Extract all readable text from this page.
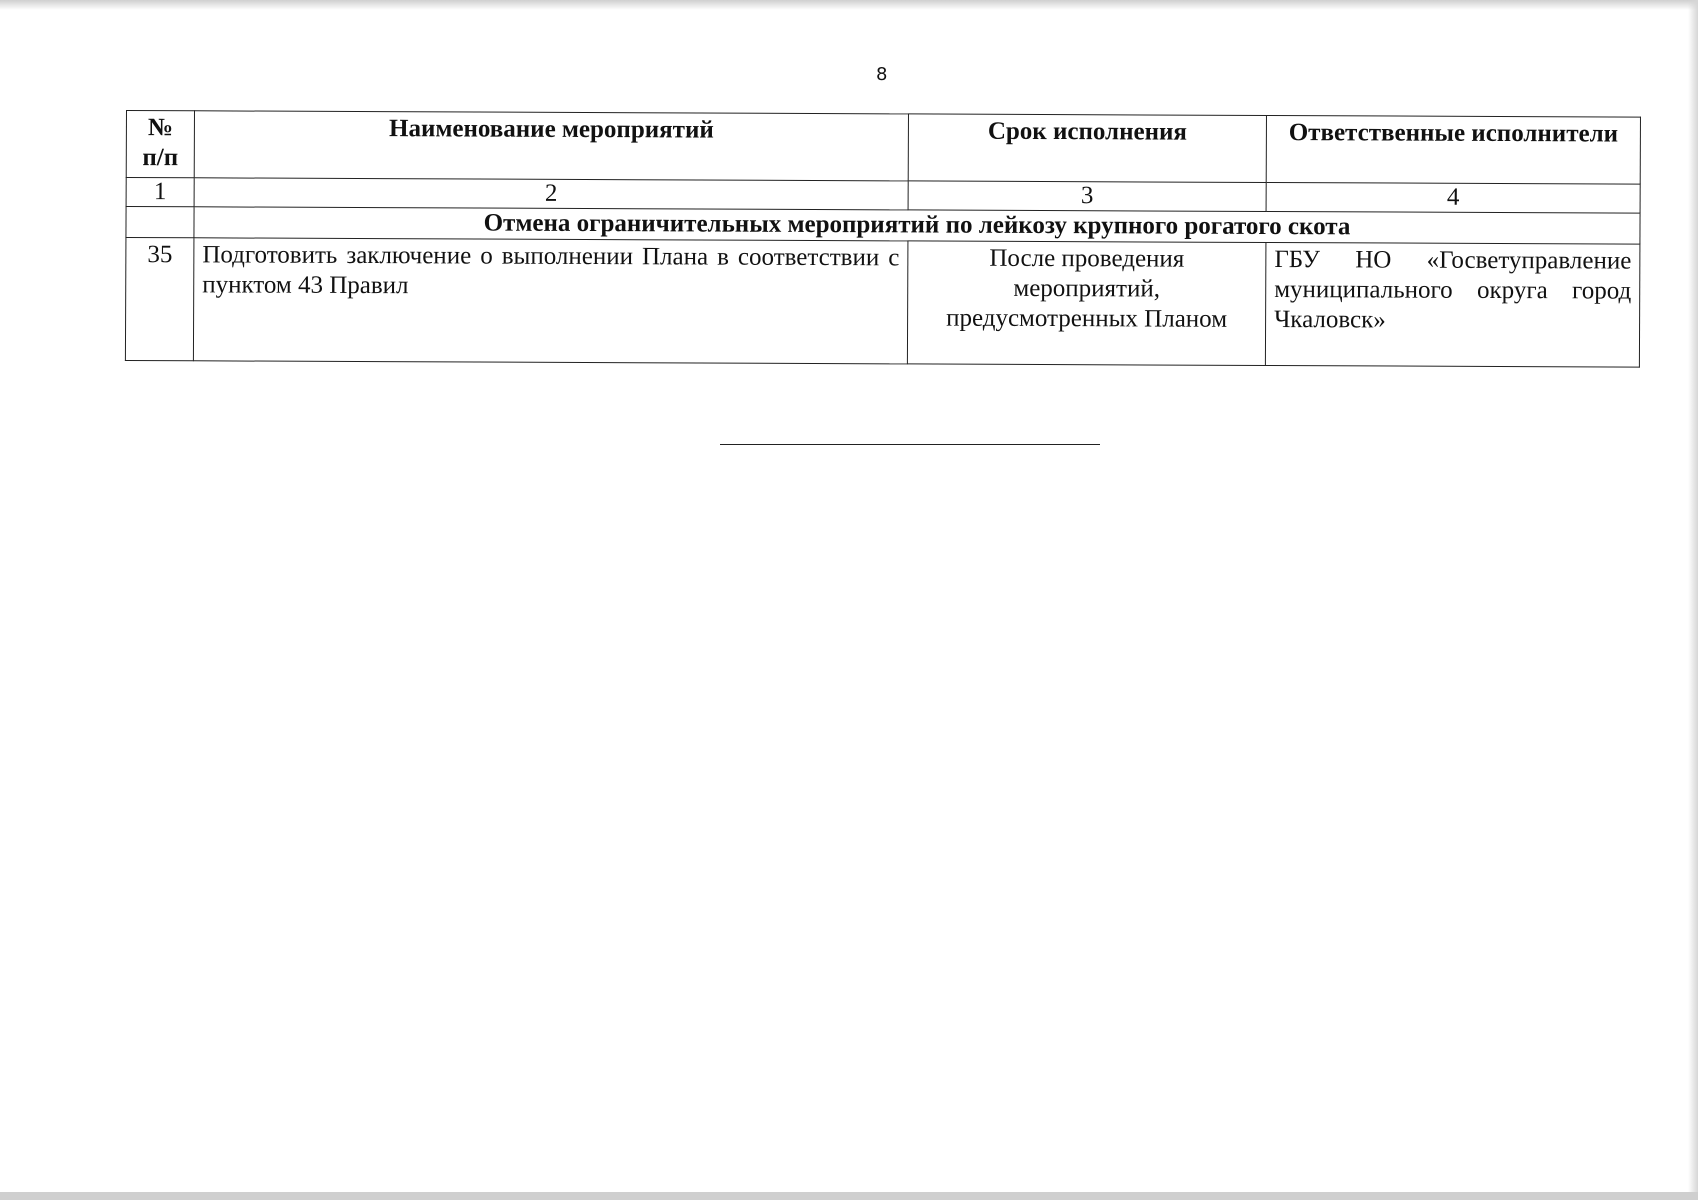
8
№ п/п	Наименование мероприятий	Срок исполнения	Ответственные исполнители
1	2	3	4
	Отмена ограничительных мероприятий по лейкозу крупного рогатого скота		
35	Подготовить заключение о выполнении Плана в соответствии с пунктом 43 Правил	После проведения мероприятий, предусмотренных Планом	ГБУ НО «Госветуправление муниципального округа город Чкаловск»
